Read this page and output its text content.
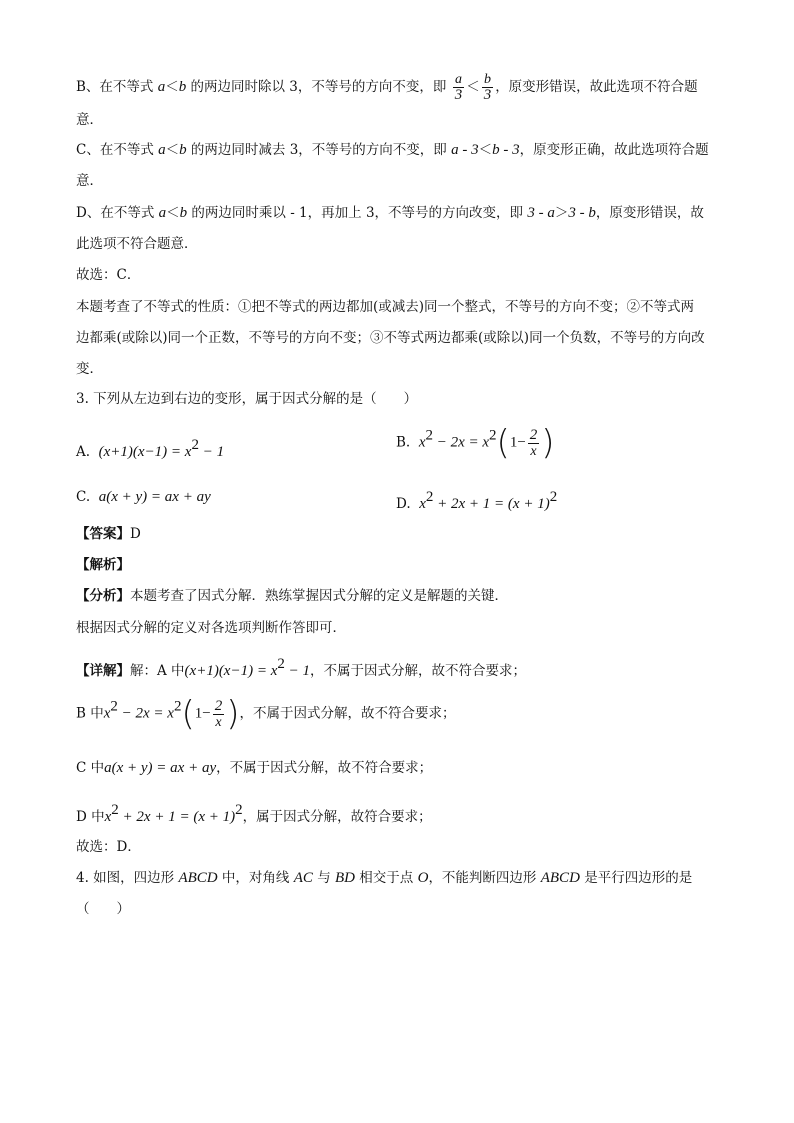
B、在不等式 a＜b 的两边同时除以 3，不等号的方向不变，即 $\frac{a}{3} < \frac{b}{3}$ ，原变形错误，故此选项不符合题
意．
C、在不等式 a＜b 的两边同时减去 3，不等号的方向不变，即 a - 3＜b - 3，原变形正确，故此选项符合题
意．
D、在不等式 a＜b 的两边同时乘以 - 1，再加上 3，不等号的方向改变，即 3 - a＞3 - b，原变形错误，故
此选项不符合题意．
故选：C．
本题考查了不等式的性质：①把不等式的两边都加(或减去)同一个整式，不等号的方向不变；②不等式两
边都乘(或除以)同一个正数，不等号的方向不变；③不等式两边都乘(或除以)同一个负数，不等号的方向改
变．
3. 下列从左边到右边的变形，属于因式分解的是（　　）
A. $(x+1)(x-1) = x^2 - 1$
B. $x^2 - 2x = x^2(1- \frac{2}{x}$ )
C. a(x + y) = ax + ay	D. $x^2 + 2x + 1 = (x + 1)^2$
【答案】D
【解析】
【分析】本题考查了因式分解．熟练掌握因式分解的定义是解题的关键．
根据因式分解的定义对各选项判断作答即可．
【详解】解：A 中$(x+1)(x-1) = x^2 - 1$，不属于因式分解，故不符合要求；
B 中$x^2 - 2x = x^2(1- \frac{2}{x}$ )，不属于因式分解，故不符合要求；
C 中a(x + y) = ax + ay，不属于因式分解，故不符合要求；
D 中$x^2 + 2x + 1 = (x + 1)^2$，属于因式分解，故符合要求；
故选：D．
4. 如图，四边形 ABCD 中，对角线 AC 与 BD 相交于点 O，不能判断四边形 ABCD 是平行四边形的是
（　　）
